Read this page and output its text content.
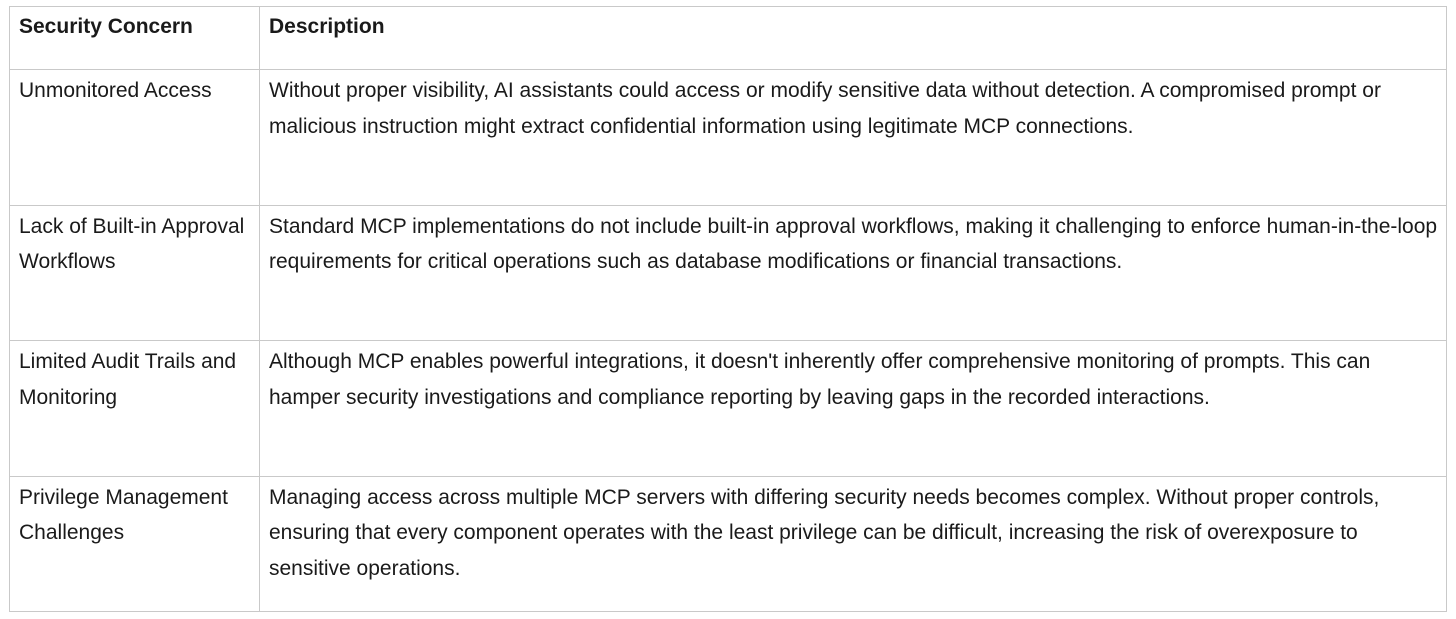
Security Concern	Description
Unmonitored Access	Without proper visibility, AI assistants could access or modify sensitive data without detection. A compromised prompt or malicious instruction might extract confidential information using legitimate MCP connections.
Lack of Built-in Approval Workflows	Standard MCP implementations do not include built-in approval workflows, making it challenging to enforce human-in-the-loop requirements for critical operations such as database modifications or financial transactions.
Limited Audit Trails and Monitoring	Although MCP enables powerful integrations, it doesn't inherently offer comprehensive monitoring of prompts. This can hamper security investigations and compliance reporting by leaving gaps in the recorded interactions.
Privilege Management Challenges	Managing access across multiple MCP servers with differing security needs becomes complex. Without proper controls, ensuring that every component operates with the least privilege can be difficult, increasing the risk of overexposure to sensitive operations.
